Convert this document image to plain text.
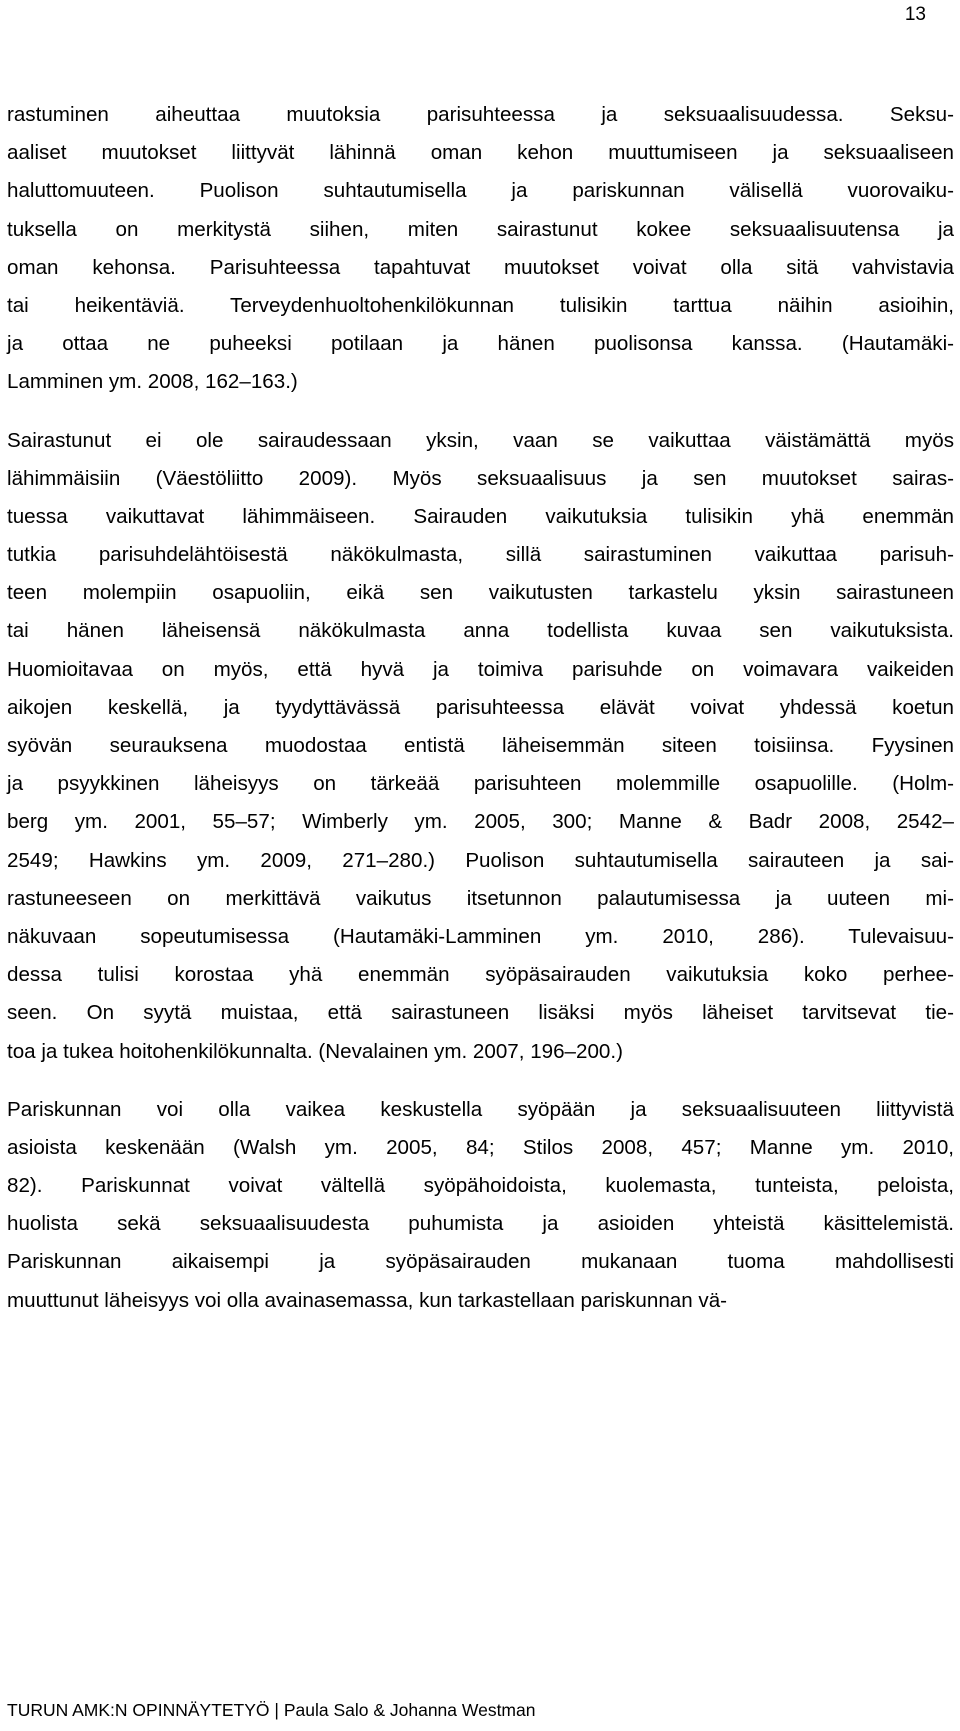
13
rastuminen aiheuttaa muutoksia parisuhteessa ja seksuaalisuudessa. Seksu-
aaliset muutokset liittyvät lähinnä oman kehon muuttumiseen ja seksuaaliseen
haluttomuuteen. Puolison suhtautumisella ja pariskunnan välisellä vuorovaiku-
tuksella on merkitystä siihen, miten sairastunut kokee seksuaalisuutensa ja
oman kehonsa. Parisuhteessa tapahtuvat muutokset voivat olla sitä vahvistavia
tai heikentäviä. Terveydenhuoltohenkilökunnan tulisikin tarttua näihin asioihin,
ja ottaa ne puheeksi potilaan ja hänen puolisonsa kanssa. (Hautamäki-
Lamminen ym. 2008, 162–163.)
Sairastunut ei ole sairaudessaan yksin, vaan se vaikuttaa väistämättä myös
lähimmäisiin (Väestöliitto 2009). Myös seksuaalisuus ja sen muutokset sairas-
tuessa vaikuttavat lähimmäiseen. Sairauden vaikutuksia tulisikin yhä enemmän
tutkia parisuhdelähtöisestä näkökulmasta, sillä sairastuminen vaikuttaa parisuh-
teen molempiin osapuoliin, eikä sen vaikutusten tarkastelu yksin sairastuneen
tai hänen läheisensä näkökulmasta anna todellista kuvaa sen vaikutuksista.
Huomioitavaa on myös, että hyvä ja toimiva parisuhde on voimavara vaikeiden
aikojen keskellä, ja tyydyttävässä parisuhteessa elävät voivat yhdessä koetun
syövän seurauksena muodostaa entistä läheisemmän siteen toisiinsa. Fyysinen
ja psyykkinen läheisyys on tärkeää parisuhteen molemmille osapuolille. (Holm-
berg ym. 2001, 55–57; Wimberly ym. 2005, 300; Manne & Badr 2008, 2542–
2549; Hawkins ym. 2009, 271–280.) Puolison suhtautumisella sairauteen ja sai-
rastuneeseen on merkittävä vaikutus itsetunnon palautumisessa ja uuteen mi-
näkuvaan sopeutumisessa (Hautamäki-Lamminen ym. 2010, 286). Tulevaisuu-
dessa tulisi korostaa yhä enemmän syöpäsairauden vaikutuksia koko perhee-
seen. On syytä muistaa, että sairastuneen lisäksi myös läheiset tarvitsevat tie-
toa ja tukea hoitohenkilökunnalta. (Nevalainen ym. 2007, 196–200.)
Pariskunnan voi olla vaikea keskustella syöpään ja seksuaalisuuteen liittyvistä
asioista keskenään (Walsh ym. 2005, 84; Stilos 2008, 457; Manne ym. 2010,
82). Pariskunnat voivat vältellä syöpähoidoista, kuolemasta, tunteista, peloista,
huolista sekä seksuaalisuudesta puhumista ja asioiden yhteistä käsittelemistä.
Pariskunnan aikaisempi ja syöpäsairauden mukanaan tuoma mahdollisesti
muuttunut läheisyys voi olla avainasemassa, kun tarkastellaan pariskunnan vä-
TURUN AMK:N OPINNÄYTETYÖ | Paula Salo & Johanna Westman
